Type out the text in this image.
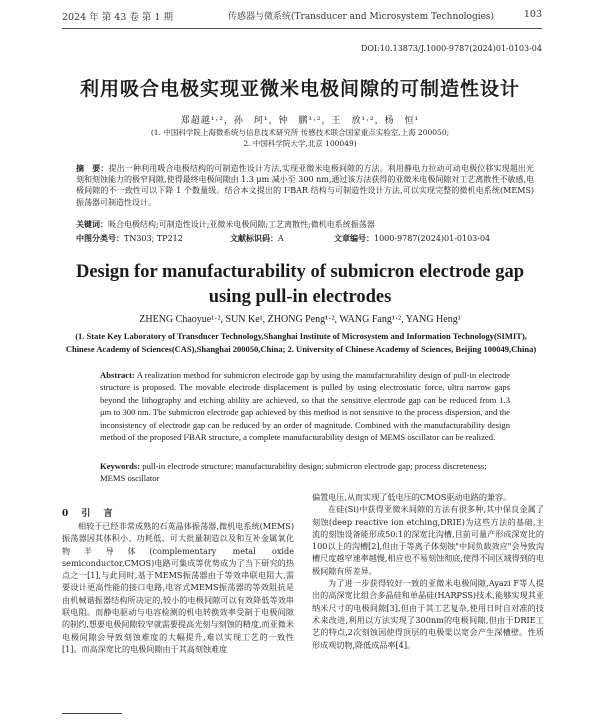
2024 年 第 43 卷 第 1 期	传感器与微系统(Transducer and Microsystem Technologies)	103
DOI:10.13873/J.1000-9787(2024)01-0103-04
利用吸合电极实现亚微米电极间隙的可制造性设计
郑超越¹·²，孙　珂¹，钟　鹏¹·²，王　放¹·²，杨　恒¹
(1. 中国科学院上海微系统与信息技术研究所 传感技术联合国家重点实验室,上海 200050;
2. 中国科学院大学,北京 100049)
摘　要：提出一种利用吸合电极结构的可制造性设计方法,实现亚微米电极间隙的方法。利用静电力拉动可动电极位移实现超出光刻和刻蚀能力的极窄间隙,使得最终电极间隙由 1.3 μm 减小至 300 nm,通过该方法获得的亚微米电极间隙对工艺离散性不敏感,电极间隙的不一致性可以下降 1 个数量级。结合本文提出的 I²BAR 结构与可制造性设计方法,可以实现完整的微机电系统(MEMS)振荡器可制造性设计。
关键词：吸合电极结构;可制造性设计;亚微米电极间隙;工艺离散性;微机电系统振荡器
中图分类号： TN303; TP212	文献标识码： A	文章编号： 1000-9787(2024)01-0103-04
Design for manufacturability of submicron electrode gap
using pull-in electrodes
ZHENG Chaoyue¹·², SUN Ke¹, ZHONG Peng¹·², WANG Fang¹·², YANG Heng¹
(1. State Key Laboratory of Transducer Technology,Shanghai Institute of Microsystem and Information Technology(SIMIT), Chinese Academy of Sciences(CAS),Shanghai 200050,China; 2. University of Chinese Academy of Sciences, Beijing 100049,China)
Abstract: A realization method for submicron electrode gap by using the manufacturability design of pull-in electrode structure is proposed. The movable electrode displacement is pulled by using electrostatic force, ultra narrow gaps beyond the lithography and etching ability are achieved, so that the sensitive electrode gap can be reduced from 1.3 μm to 300 nm. The submicron electrode gap achieved by this method is not sensitive to the process dispersion, and the inconsistency of electrode gap can be reduced by an order of magnitude. Combined with the manufacturability design method of the proposed I²BAR structure, a complete manufacturability design of MEMS oscillator can be realized.
Keywords: pull-in electrode structure; manufacturability design; submicron electrode gap; process discreteness; MEMS oscillator
0 引 言
相较于已经非常成熟的石英晶体振荡器,微机电系统(MEMS)振荡器因其体积小、功耗低、可大批量制造以及和互补金属氧化物半导体(complementary metal oxide semiconductor,CMOS)电路可集成等优势成为了当下研究的热点之一[1],与此同时,基于MEMS振荡器由于等效串联电阻大,需要设计更高性能的接口电路,电容式MEMS振荡器的等效阻抗是由机械谐振器结构所决定的,较小的电极间隙可以有效降低等效串联电阻。而静电驱动与电容检测的机电转换效率受制于电极间隙的制约,想要电极间隙较窄就需要提高光刻与刻蚀的精度,而亚微米电极间隙会导致刻蚀难度的大幅提升,难以实现工艺的一致性[1]。而高深宽比的电极间隙由于其高刻蚀难度

偏置电压,从而实现了低电压的CMOS驱动电路的兼容。

在硅(Si)中获得亚微米间隙的方法有很多种,其中保良金属了刻蚀(deep reactive ion etching,DRIE)为这些方法的基础,主流的刻蚀设备能形成50:1的深宽比沟槽,目前可量产形成深宽比的100以上的沟槽[2],但由于等离子体刻蚀"中间负载效应"会导致沟槽尺度越窄速率越慢,相应也不易刻蚀彻底,使得不同区域得到的电极间隙有所差异。

为了进一步获得较好一致的亚微米电极间隙,Ayazi F等人提出的高深宽比组合多晶硅和单晶硅(HARPSS)技术,能够实现其亚纳米尺寸的电极间隙[3],但由于其工艺复杂,使用日时自对准的技术来改进,利用以方法实现了300nm的电极间隙,但由于DRIE工艺的特点,2次刻蚀因使得顶层的电极渠以宽会产生深槽壁。性质形成观切物,降低成品率[4]。
